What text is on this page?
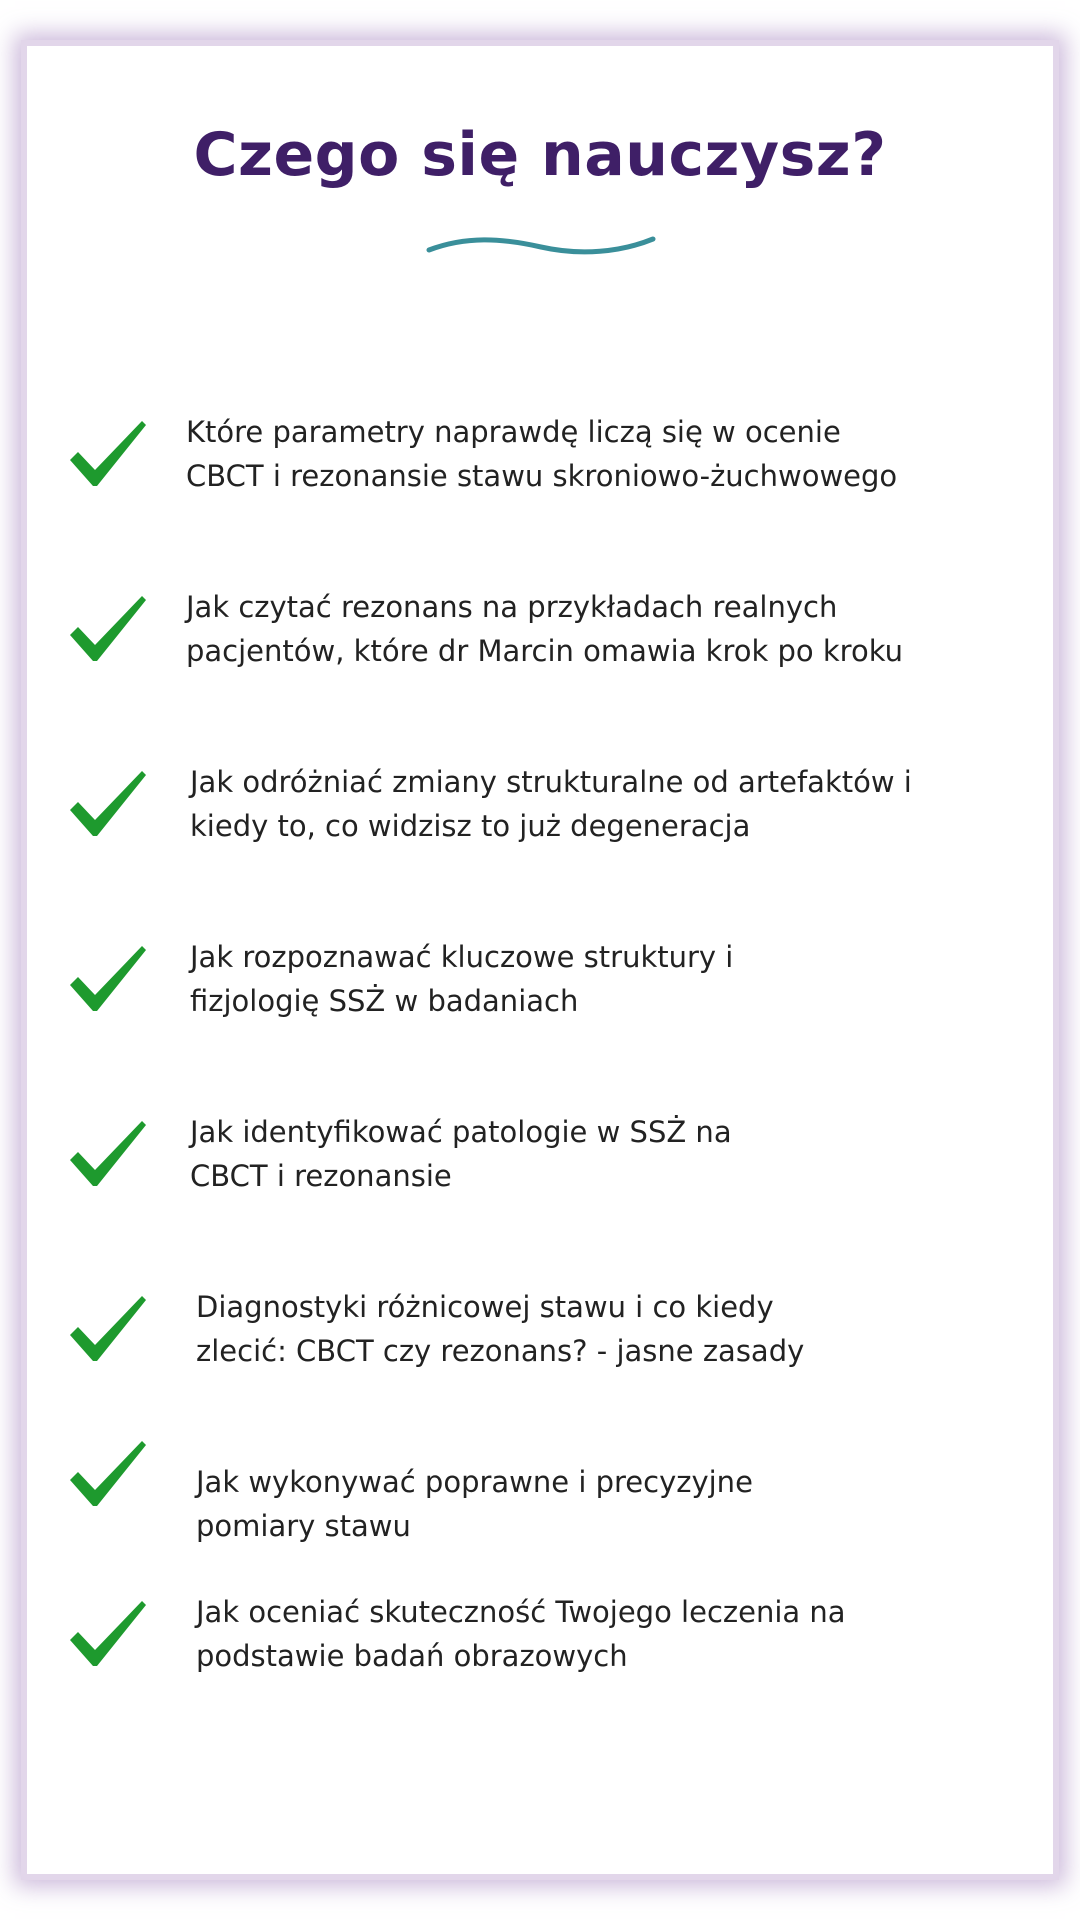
Czego się nauczysz?
Które parametry naprawdę liczą się w ocenie
CBCT i rezonansie stawu skroniowo-żuchwowego
Jak czytać rezonans na przykładach realnych
pacjentów, które dr Marcin omawia krok po kroku
Jak odróżniać zmiany strukturalne od artefaktów i
kiedy to, co widzisz to już degeneracja
Jak rozpoznawać kluczowe struktury i
fizjologię SSŻ w badaniach
Jak identyfikować patologie w SSŻ na
CBCT i rezonansie
Diagnostyki różnicowej stawu i co kiedy
zlecić: CBCT czy rezonans? - jasne zasady
Jak wykonywać poprawne i precyzyjne
pomiary stawu
Jak oceniać skuteczność Twojego leczenia na
podstawie badań obrazowych
